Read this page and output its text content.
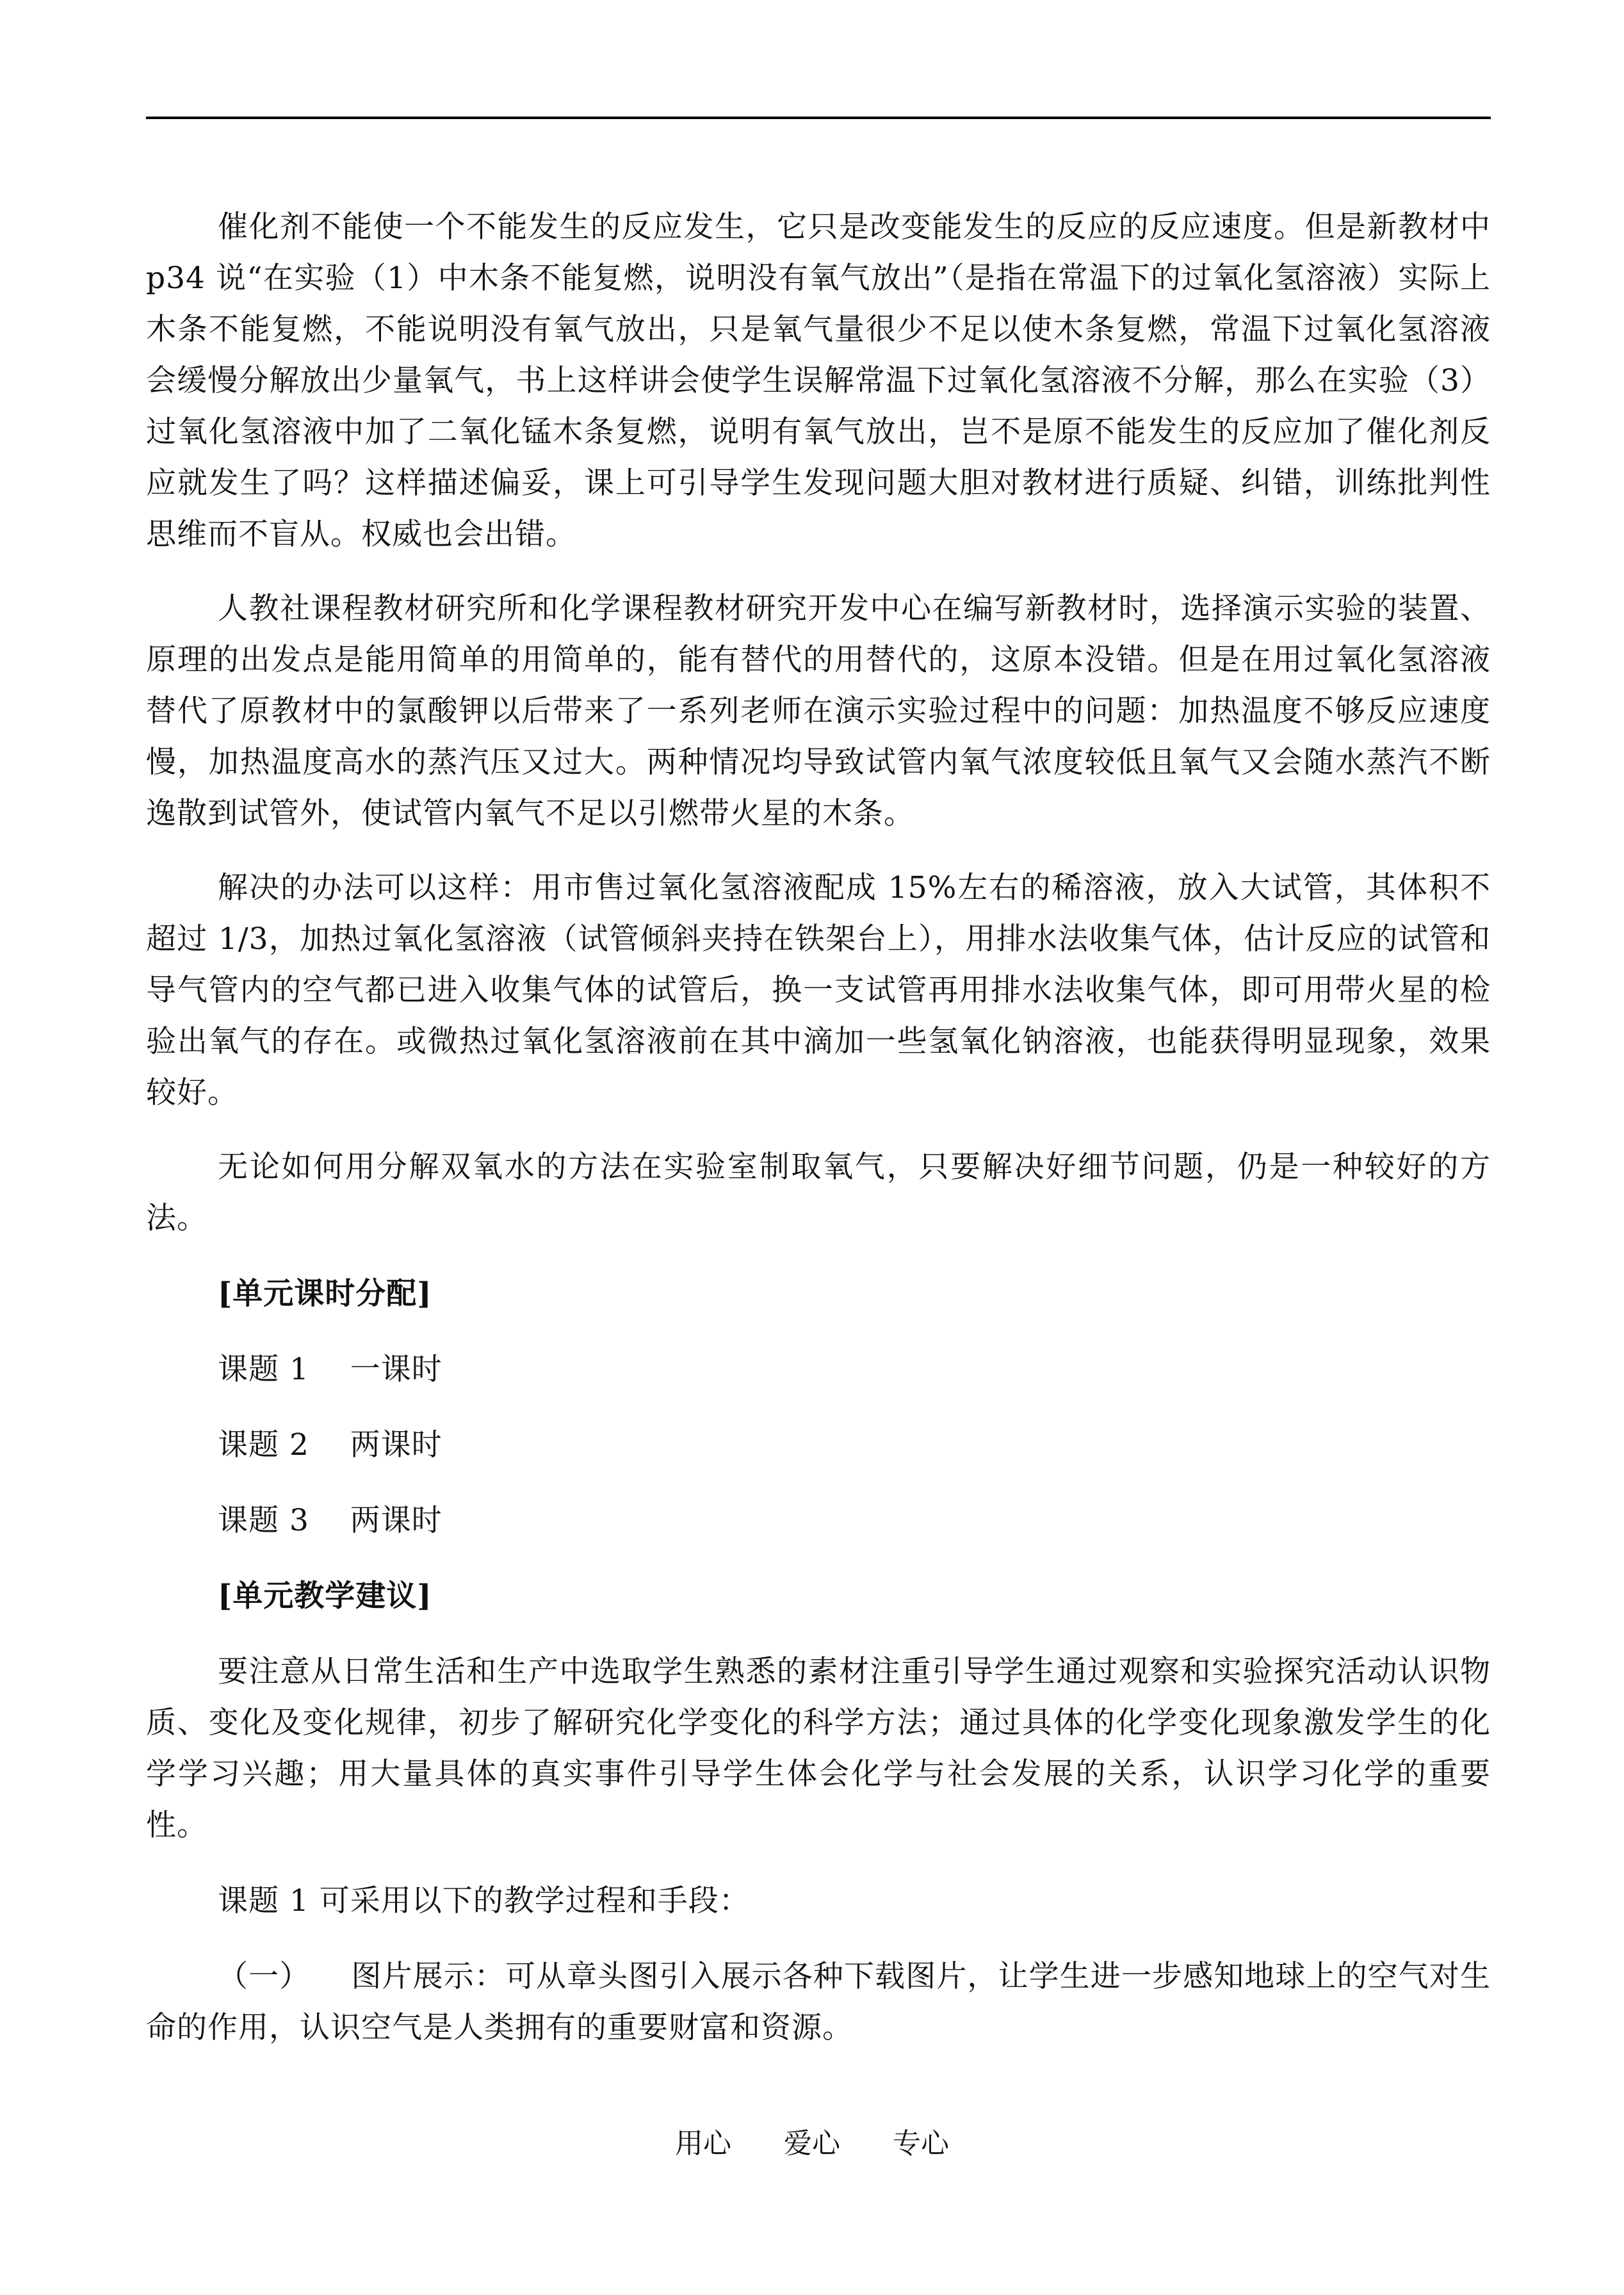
催化剂不能使一个不能发生的反应发生，它只是改变能发生的反应的反应速度。但是新教材中 p34 说“在实验（1）中木条不能复燃，说明没有氧气放出”（是指在常温下的过氧化氢溶液）实际上木条不能复燃，不能说明没有氧气放出，只是氧气量很少不足以使木条复燃，常温下过氧化氢溶液会缓慢分解放出少量氧气，书上这样讲会使学生误解常温下过氧化氢溶液不分解，那么在实验（3）过氧化氢溶液中加了二氧化锰木条复燃，说明有氧气放出，岂不是原不能发生的反应加了催化剂反应就发生了吗？这样描述偏妥，课上可引导学生发现问题大胆对教材进行质疑、纠错，训练批判性思维而不盲从。权威也会出错。

人教社课程教材研究所和化学课程教材研究开发中心在编写新教材时，选择演示实验的装置、原理的出发点是能用简单的用简单的，能有替代的用替代的，这原本没错。但是在用过氧化氢溶液替代了原教材中的氯酸钾以后带来了一系列老师在演示实验过程中的问题：加热温度不够反应速度慢，加热温度高水的蒸汽压又过大。两种情况均导致试管内氧气浓度较低且氧气又会随水蒸汽不断逸散到试管外，使试管内氧气不足以引燃带火星的木条。

解决的办法可以这样：用市售过氧化氢溶液配成 15%左右的稀溶液，放入大试管，其体积不超过 1/3，加热过氧化氢溶液（试管倾斜夹持在铁架台上），用排水法收集气体，估计反应的试管和导气管内的空气都已进入收集气体的试管后，换一支试管再用排水法收集气体，即可用带火星的检验出氧气的存在。或微热过氧化氢溶液前在其中滴加一些氢氧化钠溶液，也能获得明显现象，效果较好。

无论如何用分解双氧水的方法在实验室制取氧气，只要解决好细节问题，仍是一种较好的方法。

[单元课时分配]
课题 1    一课时
课题 2    两课时
课题 3    两课时
[单元教学建议]

要注意从日常生活和生产中选取学生熟悉的素材注重引导学生通过观察和实验探究活动认识物质、变化及变化规律，初步了解研究化学变化的科学方法；通过具体的化学变化现象激发学生的化学学习兴趣；用大量具体的真实事件引导学生体会化学与社会发展的关系，认识学习化学的重要性。

课题 1 可采用以下的教学过程和手段：

（一）    图片展示：可从章头图引入展示各种下载图片，让学生进一步感知地球上的空气对生命的作用，认识空气是人类拥有的重要财富和资源。

用心 爱心 专心
